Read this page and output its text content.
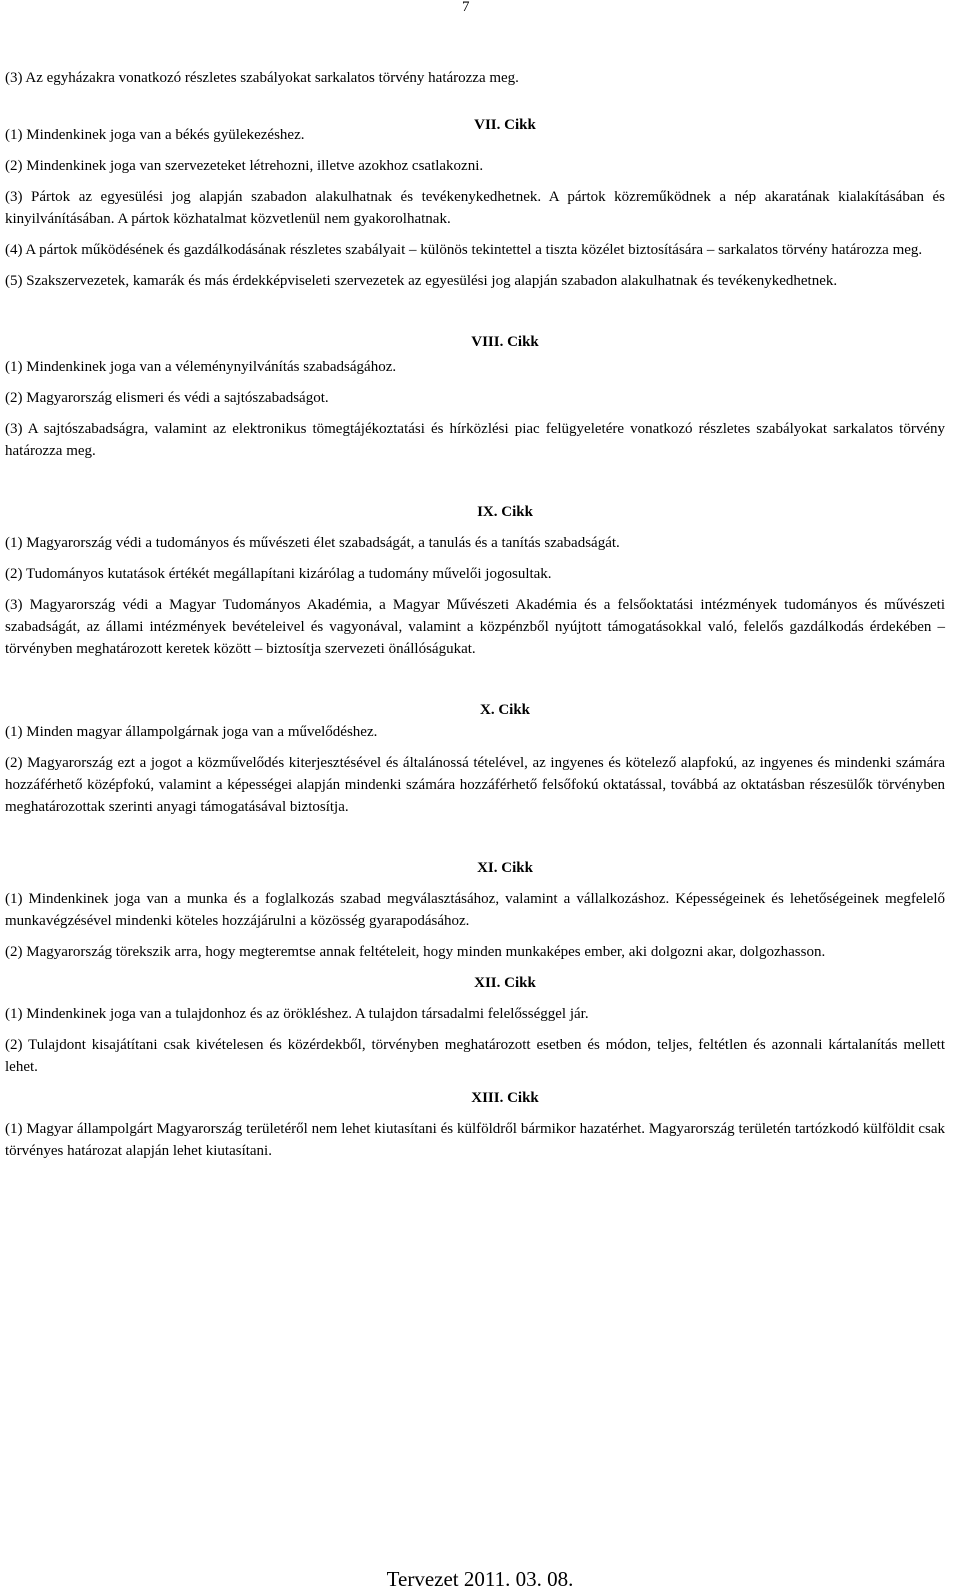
7

(3) Az egyházakra vonatkozó részletes szabályokat sarkalatos törvény határozza meg.

VII. Cikk

(1) Mindenkinek joga van a békés gyülekezéshez.

(2) Mindenkinek joga van szervezeteket létrehozni, illetve azokhoz csatlakozni.

(3) Pártok az egyesülési jog alapján szabadon alakulhatnak és tevékenykedhetnek. A pártok közreműködnek a nép akaratának kialakításában és kinyilvánításában. A pártok közhatalmat közvetlenül nem gyakorolhatnak.

(4) A pártok működésének és gazdálkodásának részletes szabályait – különös tekintettel a tiszta közélet biztosítására – sarkalatos törvény határozza meg.

(5) Szakszervezetek, kamarák és más érdekképviseleti szervezetek az egyesülési jog alapján szabadon alakulhatnak és tevékenykedhetnek.

VIII. Cikk

(1) Mindenkinek joga van a véleménynyilvánítás szabadságához.

(2) Magyarország elismeri és védi a sajtószabadságot.

(3) A sajtószabadságra, valamint az elektronikus tömegtájékoztatási és hírközlési piac felügyeletére vonatkozó részletes szabályokat sarkalatos törvény határozza meg.

IX. Cikk

(1) Magyarország védi a tudományos és művészeti élet szabadságát, a tanulás és a tanítás szabadságát.

(2) Tudományos kutatások értékét megállapítani kizárólag a tudomány művelői jogosultak.

(3) Magyarország védi a Magyar Tudományos Akadémia, a Magyar Művészeti Akadémia és a felsőoktatási intézmények tudományos és művészeti szabadságát, az állami intézmények bevételeivel és vagyonával, valamint a közpénzből nyújtott támogatásokkal való, felelős gazdálkodás érdekében – törvényben meghatározott keretek között – biztosítja szervezeti önállóságukat.

X. Cikk

(1) Minden magyar állampolgárnak joga van a művelődéshez.

(2) Magyarország ezt a jogot a közművelődés kiterjesztésével és általánossá tételével, az ingyenes és kötelező alapfokú, az ingyenes és mindenki számára hozzáférhető középfokú, valamint a képességei alapján mindenki számára hozzáférhető felsőfokú oktatással, továbbá az oktatásban részesülők törvényben meghatározottak szerinti anyagi támogatásával biztosítja.

XI. Cikk

(1) Mindenkinek joga van a munka és a foglalkozás szabad megválasztásához, valamint a vállalkozáshoz. Képességeinek és lehetőségeinek megfelelő munkavégzésével mindenki köteles hozzájárulni a közösség gyarapodásához.

(2) Magyarország törekszik arra, hogy megteremtse annak feltételeit, hogy minden munkaképes ember, aki dolgozni akar, dolgozhasson.

XII. Cikk

(1) Mindenkinek joga van a tulajdonhoz és az örökléshez. A tulajdon társadalmi felelősséggel jár.

(2) Tulajdont kisajátítani csak kivételesen és közérdekből, törvényben meghatározott esetben és módon, teljes, feltétlen és azonnali kártalanítás mellett lehet.

XIII. Cikk

(1) Magyar állampolgárt Magyarország területéről nem lehet kiutasítani és külföldről bármikor hazatérhet. Magyarország területén tartózkodó külföldit csak törvényes határozat alapján lehet kiutasítani.

Tervezet 2011. 03. 08.
